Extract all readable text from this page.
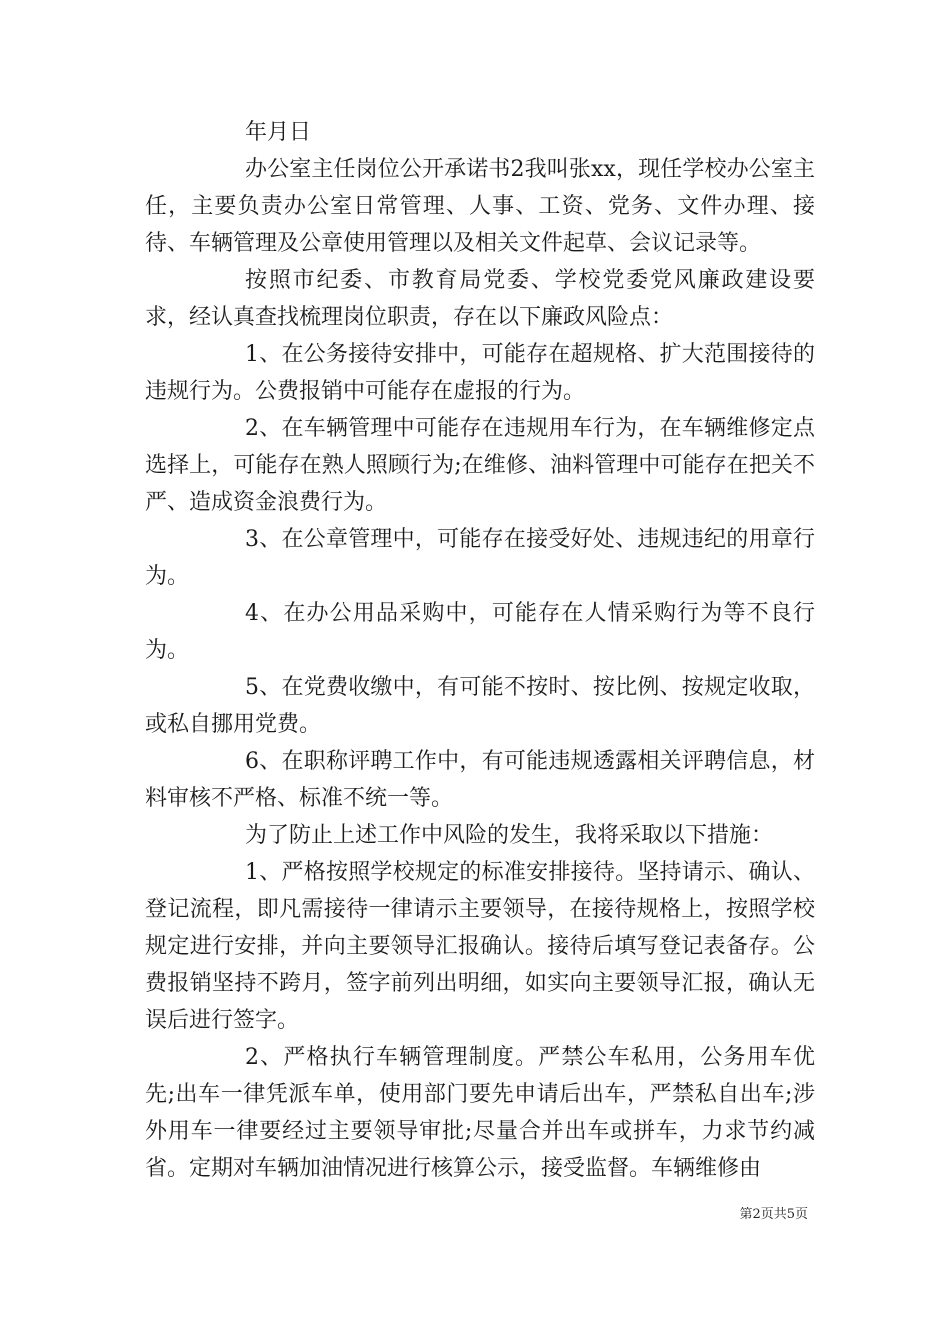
年月日

办公室主任岗位公开承诺书2我叫张xx，现任学校办公室主任，主要负责办公室日常管理、人事、工资、党务、文件办理、接待、车辆管理及公章使用管理以及相关文件起草、会议记录等。

按照市纪委、市教育局党委、学校党委党风廉政建设要求，经认真查找梳理岗位职责，存在以下廉政风险点：

1、在公务接待安排中，可能存在超规格、扩大范围接待的违规行为。公费报销中可能存在虚报的行为。

2、在车辆管理中可能存在违规用车行为，在车辆维修定点选择上，可能存在熟人照顾行为;在维修、油料管理中可能存在把关不严、造成资金浪费行为。

3、在公章管理中，可能存在接受好处、违规违纪的用章行为。

4、在办公用品采购中，可能存在人情采购行为等不良行为。

5、在党费收缴中，有可能不按时、按比例、按规定收取，或私自挪用党费。

6、在职称评聘工作中，有可能违规透露相关评聘信息，材料审核不严格、标准不统一等。

为了防止上述工作中风险的发生，我将采取以下措施：

1、严格按照学校规定的标准安排接待。坚持请示、确认、登记流程，即凡需接待一律请示主要领导，在接待规格上，按照学校规定进行安排，并向主要领导汇报确认。接待后填写登记表备存。公费报销坚持不跨月，签字前列出明细，如实向主要领导汇报，确认无误后进行签字。

2、严格执行车辆管理制度。严禁公车私用，公务用车优先;出车一律凭派车单，使用部门要先申请后出车，严禁私自出车;涉外用车一律要经过主要领导审批;尽量合并出车或拼车，力求节约减省。定期对车辆加油情况进行核算公示，接受监督。车辆维修由

第2页共5页
